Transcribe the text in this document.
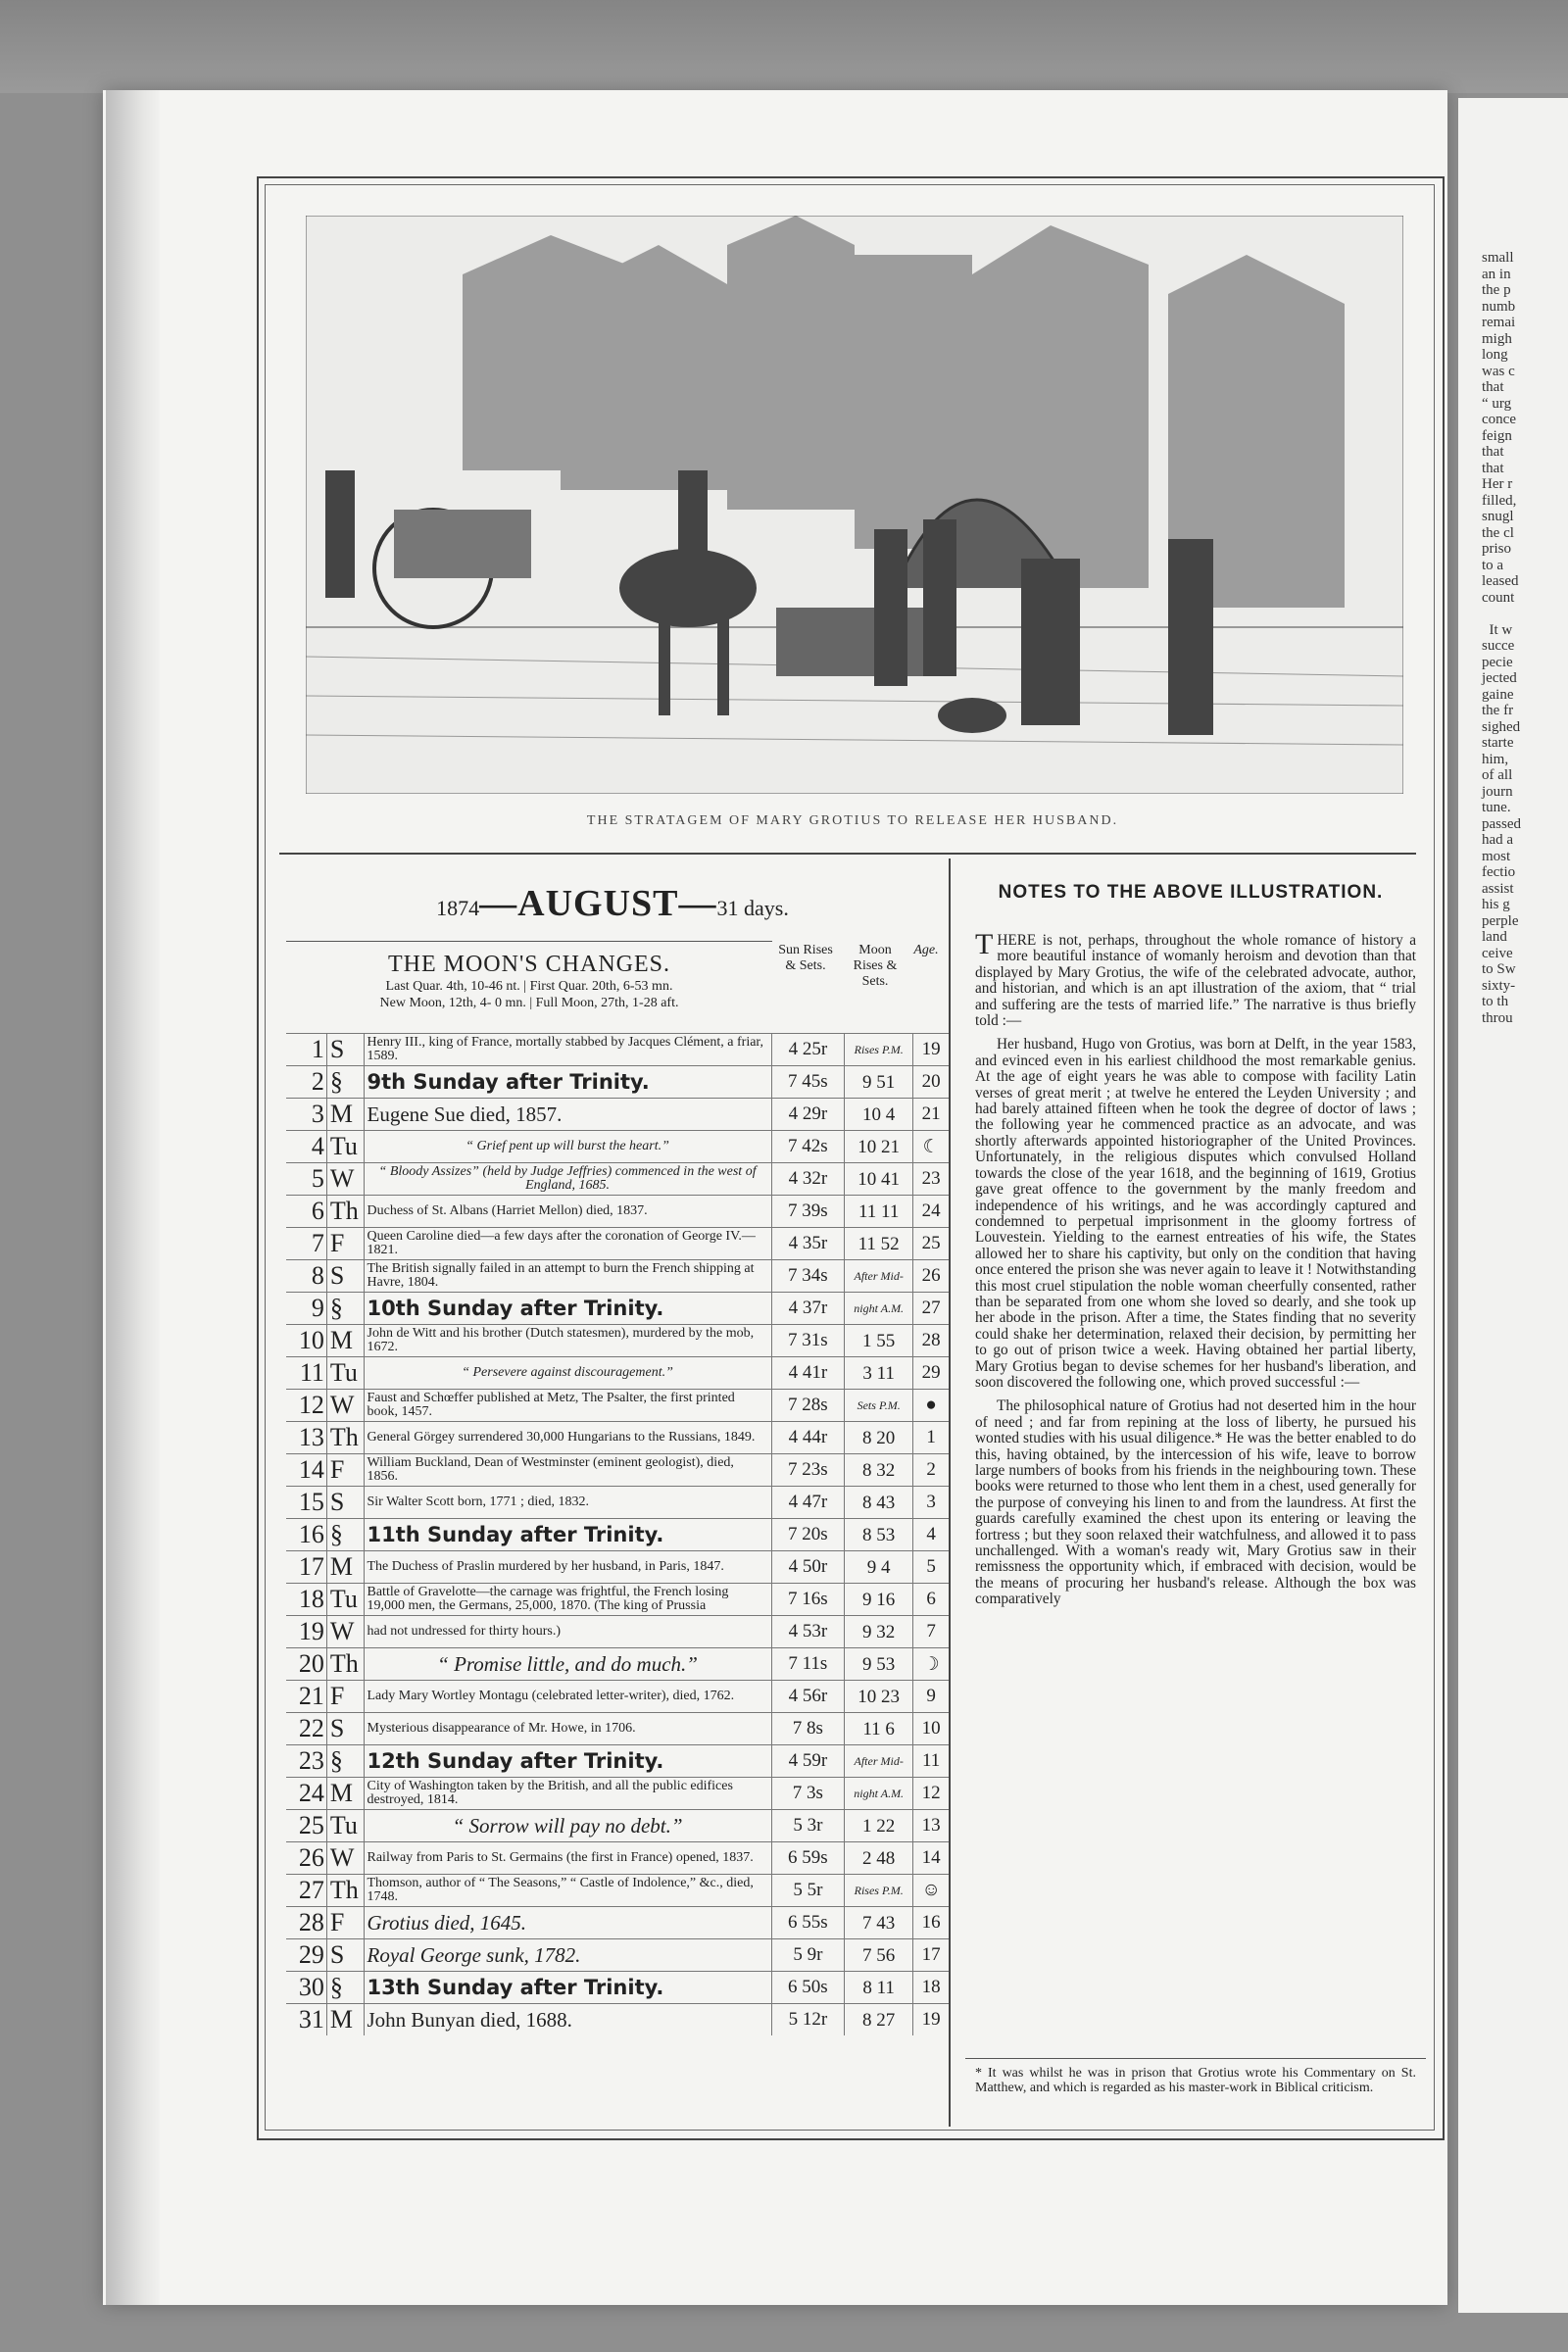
small
an in
the p
numb
remai
migh
long
was c
that
“ urg
conce
feign
that
that
Her r
filled,
snugl
the cl
priso
to a
leased
count

It w
succe
pecie
jected
gaine
the fr
sighed
starte
him,
of all
journ
tune.
passed
had a
most
fectio
assist
his g
perple
land
ceive
to Sw
sixty-
to th
throu
THE STRATAGEM OF MARY GROTIUS TO RELEASE HER HUSBAND.
1874—AUGUST—31 days.
THE MOON'S CHANGES.
Last Quar. 4th, 10-46 nt. | First Quar. 20th, 6-53 mn.
New Moon, 12th, 4- 0 mn. | Full Moon, 27th, 1-28 aft.
Sun Rises & Sets.
Moon Rises & Sets.
Age.
1	S	Henry III., king of France, mortally stabbed by Jacques Clément, a friar, 1589.	4 25r	Rises P.M.	19
2	§	9th Sunday after Trinity.	7 45s	9 51	20
3	M	Eugene Sue died, 1857.	4 29r	10 4	21
4	Tu	“ Grief pent up will burst the heart.”	7 42s	10 21	☾
5	W	“ Bloody Assizes” (held by Judge Jeffries) commenced in the west of England, 1685.	4 32r	10 41	23
6	Th	Duchess of St. Albans (Harriet Mellon) died, 1837.	7 39s	11 11	24
7	F	Queen Caroline died—a few days after the coronation of George IV.—1821.	4 35r	11 52	25
8	S	The British signally failed in an attempt to burn the French shipping at Havre, 1804.	7 34s	After Mid-	26
9	§	10th Sunday after Trinity.	4 37r	night A.M.	27
10	M	John de Witt and his brother (Dutch statesmen), murdered by the mob, 1672.	7 31s	1 55	28
11	Tu	“ Persevere against discouragement.”	4 41r	3 11	29
12	W	Faust and Schœffer published at Metz, The Psalter, the first printed book, 1457.	7 28s	Sets P.M.	●
13	Th	General Görgey surrendered 30,000 Hungarians to the Russians, 1849.	4 44r	8 20	1
14	F	William Buckland, Dean of Westminster (eminent geologist), died, 1856.	7 23s	8 32	2
15	S	Sir Walter Scott born, 1771 ; died, 1832.	4 47r	8 43	3
16	§	11th Sunday after Trinity.	7 20s	8 53	4
17	M	The Duchess of Praslin murdered by her husband, in Paris, 1847.	4 50r	9 4	5
18	Tu	Battle of Gravelotte—the carnage was frightful, the French losing 19,000 men, the Germans, 25,000, 1870. (The king of Prussia	7 16s	9 16	6
19	W	had not undressed for thirty hours.)	4 53r	9 32	7
20	Th	“ Promise little, and do much.”	7 11s	9 53	☽
21	F	Lady Mary Wortley Montagu (celebrated letter-writer), died, 1762.	4 56r	10 23	9
22	S	Mysterious disappearance of Mr. Howe, in 1706.	7 8s	11 6	10
23	§	12th Sunday after Trinity.	4 59r	After Mid-	11
24	M	City of Washington taken by the British, and all the public edifices destroyed, 1814.	7 3s	night A.M.	12
25	Tu	“ Sorrow will pay no debt.”	5 3r	1 22	13
26	W	Railway from Paris to St. Germains (the first in France) opened, 1837.	6 59s	2 48	14
27	Th	Thomson, author of “ The Seasons,” “ Castle of Indolence,” &c., died, 1748.	5 5r	Rises P.M.	☺
28	F	Grotius died, 1645.	6 55s	7 43	16
29	S	Royal George sunk, 1782.	5 9r	7 56	17
30	§	13th Sunday after Trinity.	6 50s	8 11	18
31	M	John Bunyan died, 1688.	5 12r	8 27	19
NOTES TO THE ABOVE ILLUSTRATION.

THERE is not, perhaps, throughout the whole romance of history a more beautiful instance of womanly heroism and devotion than that displayed by Mary Grotius, the wife of the celebrated advocate, author, and historian, and which is an apt illustration of the axiom, that “ trial and suffering are the tests of married life.” The narrative is thus briefly told :—

Her husband, Hugo von Grotius, was born at Delft, in the year 1583, and evinced even in his earliest childhood the most remarkable genius. At the age of eight years he was able to compose with facility Latin verses of great merit ; at twelve he entered the Leyden University ; and had barely attained fifteen when he took the degree of doctor of laws ; the following year he commenced practice as an advocate, and was shortly afterwards appointed historiographer of the United Provinces. Unfortunately, in the religious disputes which convulsed Holland towards the close of the year 1618, and the beginning of 1619, Grotius gave great offence to the government by the manly freedom and independence of his writings, and he was accordingly captured and condemned to perpetual imprisonment in the gloomy fortress of Louvestein. Yielding to the earnest entreaties of his wife, the States allowed her to share his captivity, but only on the condition that having once entered the prison she was never again to leave it ! Notwithstanding this most cruel stipulation the noble woman cheerfully consented, rather than be separated from one whom she loved so dearly, and she took up her abode in the prison. After a time, the States finding that no severity could shake her determination, relaxed their decision, by permitting her to go out of prison twice a week. Having obtained her partial liberty, Mary Grotius began to devise schemes for her husband's liberation, and soon discovered the following one, which proved successful :—

The philosophical nature of Grotius had not deserted him in the hour of need ; and far from repining at the loss of liberty, he pursued his wonted studies with his usual diligence.* He was the better enabled to do this, having obtained, by the intercession of his wife, leave to borrow large numbers of books from his friends in the neighbouring town. These books were returned to those who lent them in a chest, used generally for the purpose of conveying his linen to and from the laundress. At first the guards carefully examined the chest upon its entering or leaving the fortress ; but they soon relaxed their watchfulness, and allowed it to pass unchallenged. With a woman's ready wit, Mary Grotius saw in their remissness the opportunity which, if embraced with decision, would be the means of procuring her husband's release. Although the box was comparatively

* It was whilst he was in prison that Grotius wrote his Commentary on St. Matthew, and which is regarded as his master-work in Biblical criticism.
